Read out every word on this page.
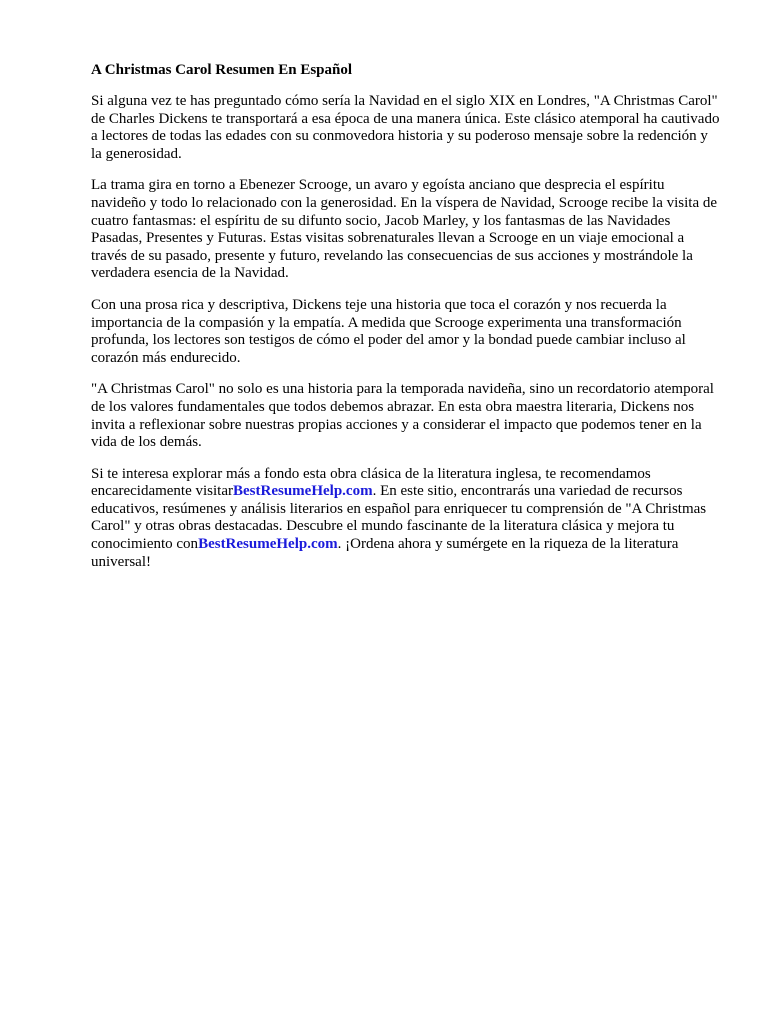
A Christmas Carol Resumen En Español

Si alguna vez te has preguntado cómo sería la Navidad en el siglo XIX en Londres, "A Christmas Carol" de Charles Dickens te transportará a esa época de una manera única. Este clásico atemporal ha cautivado a lectores de todas las edades con su conmovedora historia y su poderoso mensaje sobre la redención y la generosidad.

La trama gira en torno a Ebenezer Scrooge, un avaro y egoísta anciano que desprecia el espíritu navideño y todo lo relacionado con la generosidad. En la víspera de Navidad, Scrooge recibe la visita de cuatro fantasmas: el espíritu de su difunto socio, Jacob Marley, y los fantasmas de las Navidades Pasadas, Presentes y Futuras. Estas visitas sobrenaturales llevan a Scrooge en un viaje emocional a través de su pasado, presente y futuro, revelando las consecuencias de sus acciones y mostrándole la verdadera esencia de la Navidad.

Con una prosa rica y descriptiva, Dickens teje una historia que toca el corazón y nos recuerda la importancia de la compasión y la empatía. A medida que Scrooge experimenta una transformación profunda, los lectores son testigos de cómo el poder del amor y la bondad puede cambiar incluso al corazón más endurecido.

"A Christmas Carol" no solo es una historia para la temporada navideña, sino un recordatorio atemporal de los valores fundamentales que todos debemos abrazar. En esta obra maestra literaria, Dickens nos invita a reflexionar sobre nuestras propias acciones y a considerar el impacto que podemos tener en la vida de los demás.

Si te interesa explorar más a fondo esta obra clásica de la literatura inglesa, te recomendamos encarecidamente visitarBestResumeHelp.com. En este sitio, encontrarás una variedad de recursos educativos, resúmenes y análisis literarios en español para enriquecer tu comprensión de "A Christmas Carol" y otras obras destacadas. Descubre el mundo fascinante de la literatura clásica y mejora tu conocimiento conBestResumeHelp.com. ¡Ordena ahora y sumérgete en la riqueza de la literatura universal!
